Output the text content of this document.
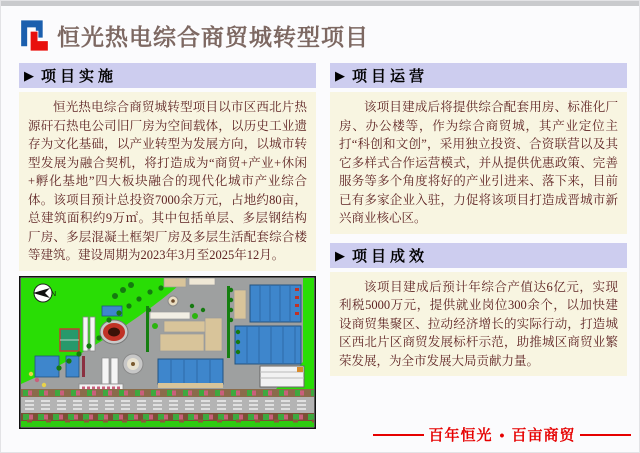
恒光热电综合商贸城转型项目
▶ 项目实施

恒光热电综合商贸城转型项目以市区西北片热源矸石热电公司旧厂房为空间载体，以历史工业遗存为文化基础，以产业转型为发展方向，以城市转型发展为融合契机，将打造成为“商贸+产业+休闲+孵化基地”四大板块融合的现代化城市产业综合体。该项目预计总投资7000余万元，占地约80亩，总建筑面积约9万㎡。其中包括单层、多层钢结构厂房、多层混凝土框架厂房及多层生活配套综合楼等建筑。建设周期为2023年3月至2025年12月。

N
▶ 项目运营

该项目建成后将提供综合配套用房、标准化厂房、办公楼等，作为综合商贸城，其产业定位主打“科创和文创”，采用独立投资、合资联营以及其它多样式合作运营模式，并从提供优惠政策、完善服务等多个角度将好的产业引进来、落下来，目前已有多家企业入驻，力促将该项目打造成晋城市新兴商业核心区。

▶ 项目成效

该项目建成后预计年综合产值达6亿元，实现利税5000万元，提供就业岗位300余个，以加快建设商贸集聚区、拉动经济增长的实际行动，打造城区西北片区商贸发展标杆示范，助推城区商贸业繁荣发展，为全市发展大局贡献力量。

百年恒光 • 百亩商贸
